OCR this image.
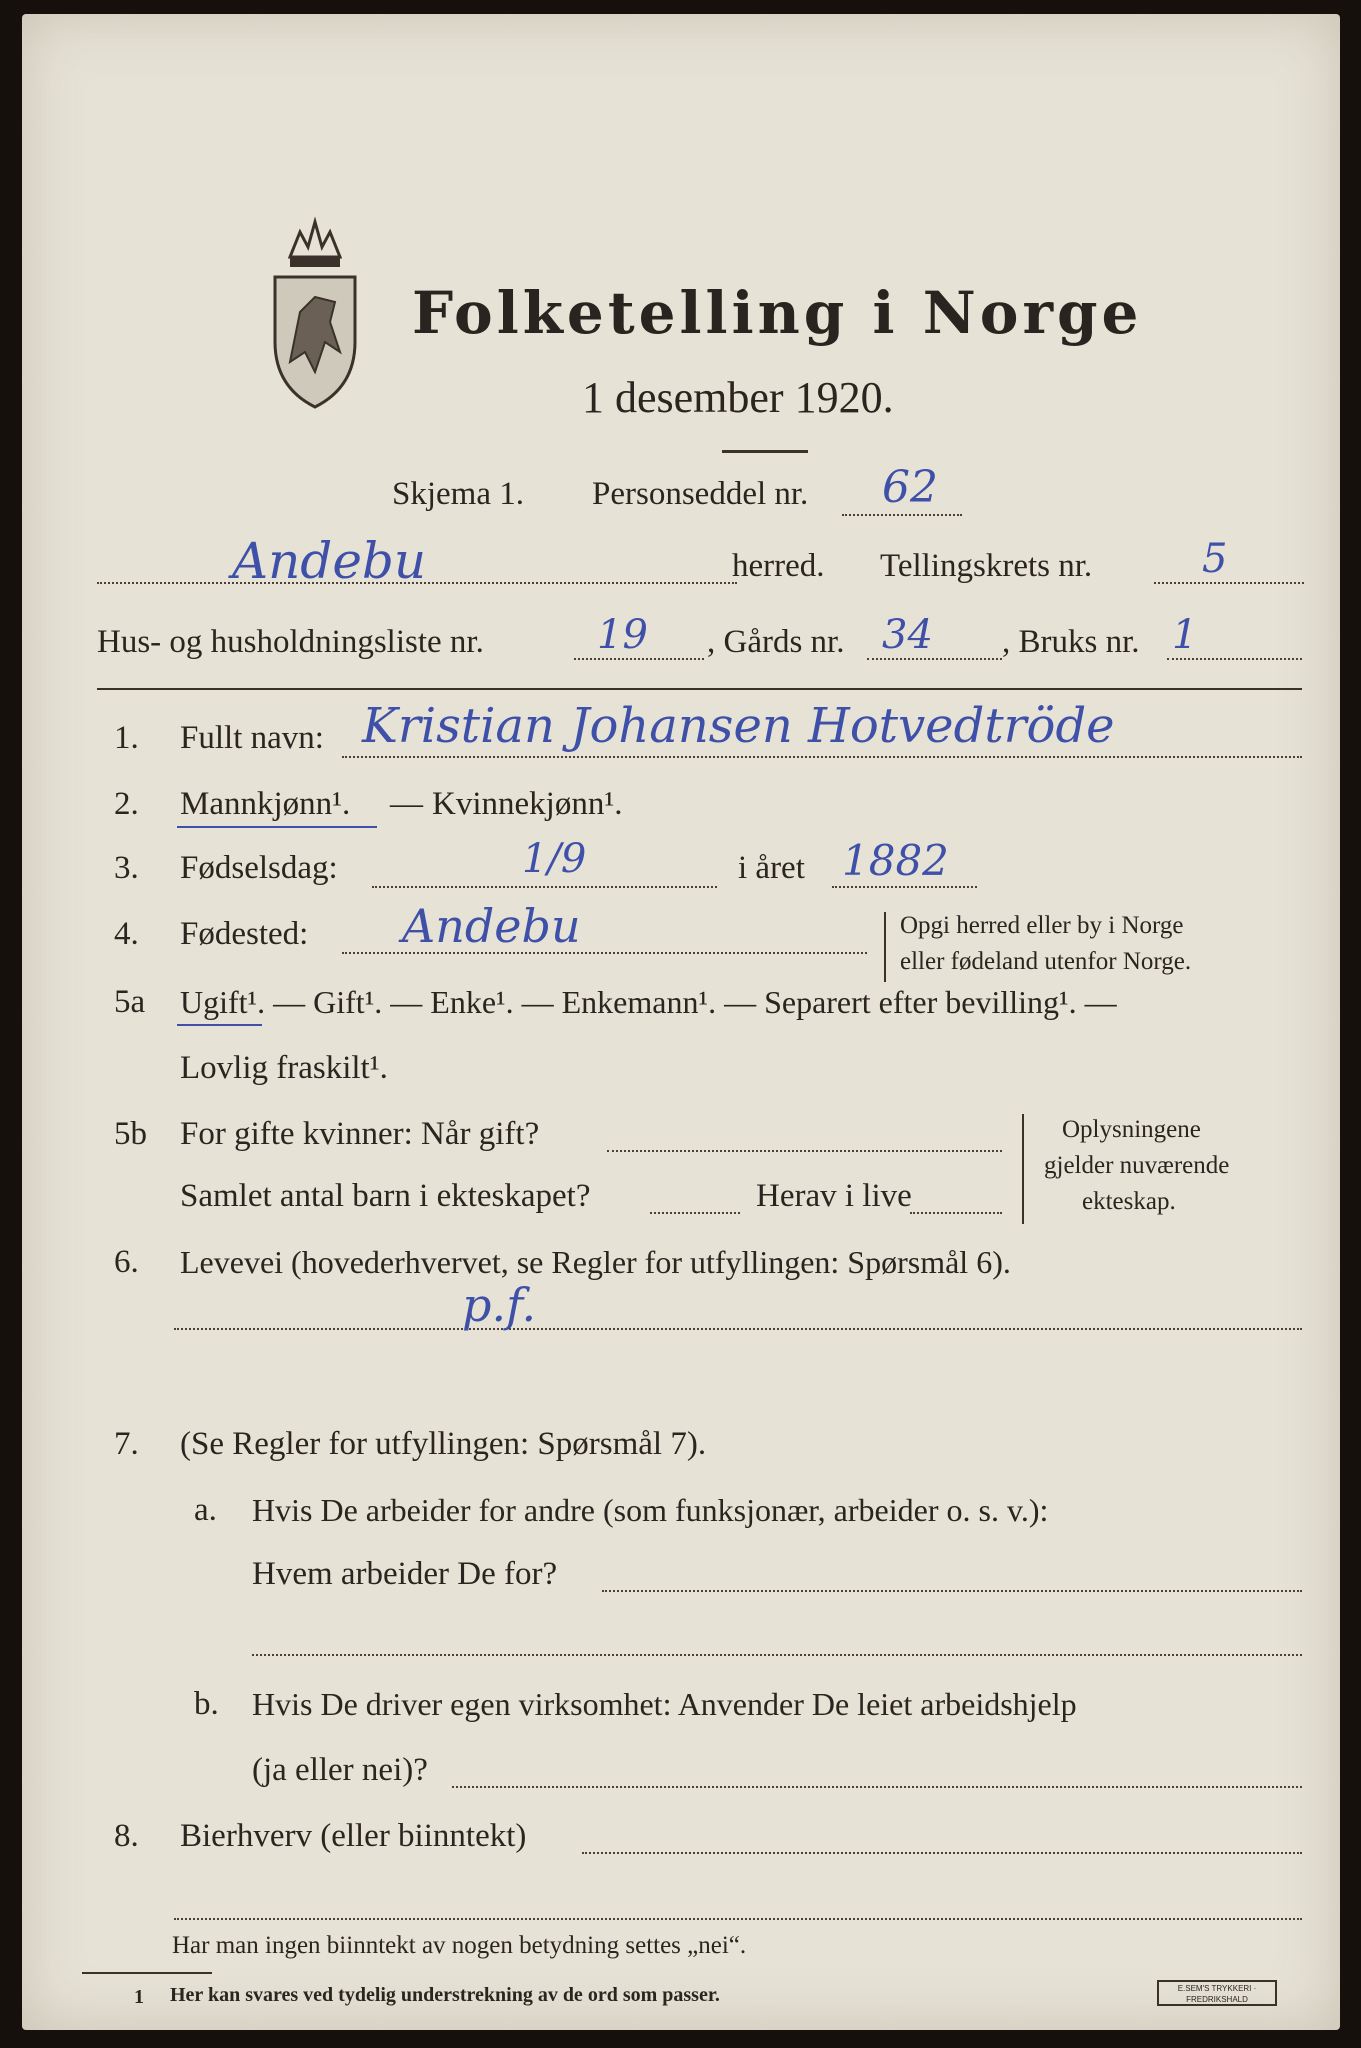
Folketelling i Norge
1 desember 1920.
Skjema 1. Personseddel nr. 62
Andebu	herred. Tellingskrets nr.	5
Hus- og husholdningsliste nr.	19 , Gårds nr. 34 , Bruks nr. 1
1. Fullt navn: Kristian Johansen Hotvedtröde
2. Mannkjønn¹. — Kvinnekjønn¹.
3. Fødselsdag:	1/9	i året 1882
4. Fødested: Andebu	Opgi herred eller by i Norge
eller fødeland utenfor Norge.
5a Ugift¹. — Gift¹. — Enke¹. — Enkemann¹. — Separert efter bevilling¹. —
Lovlig fraskilt¹.
5b For gifte kvinner: Når gift?
Samlet antal barn i ekteskapet?	Herav i live
Oplysningene
gjelder nuværende
ekteskap.
6. Levevei (hovederhvervet, se Regler for utfyllingen: Spørsmål 6).
p.f.
7. (Se Regler for utfyllingen: Spørsmål 7).
a. Hvis De arbeider for andre (som funksjonær, arbeider o. s. v.):
Hvem arbeider De for?
b. Hvis De driver egen virksomhet: Anvender De leiet arbeidshjelp
(ja eller nei)?
8. Bierhverv (eller biinntekt)
Har man ingen biinntekt av nogen betydning settes „nei“.
1 Her kan svares ved tydelig understrekning av de ord som passer.	E.SEM'S TRYKKERI · FREDRIKSHALD
